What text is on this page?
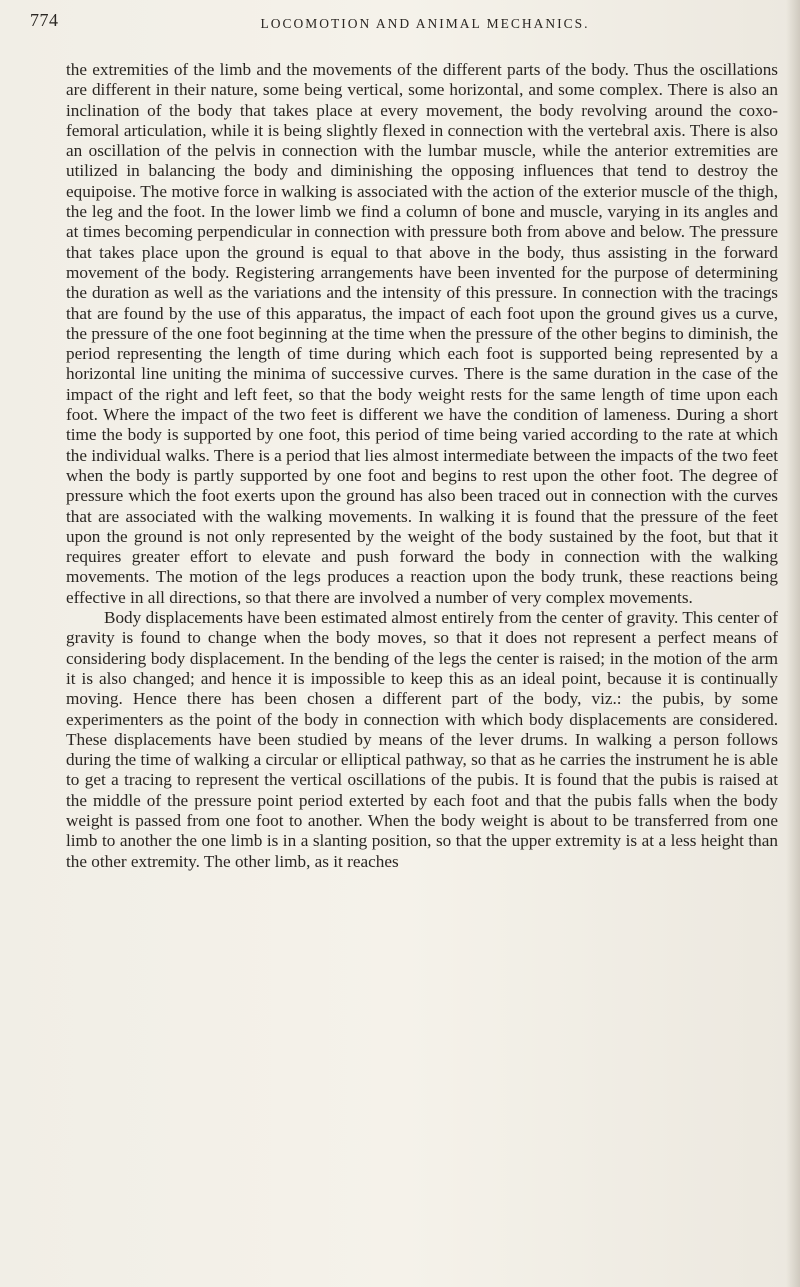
774	LOCOMOTION AND ANIMAL MECHANICS.

the extremities of the limb and the movements of the different parts of the body. Thus the oscillations are different in their nature, some being vertical, some horizontal, and some complex. There is also an inclination of the body that takes place at every movement, the body revolving around the coxo-femoral articulation, while it is being slightly flexed in connection with the vertebral axis. There is also an oscillation of the pelvis in connection with the lumbar muscle, while the anterior extremities are utilized in balancing the body and diminishing the opposing influences that tend to destroy the equipoise. The motive force in walking is associated with the action of the exterior muscle of the thigh, the leg and the foot. In the lower limb we find a column of bone and muscle, varying in its angles and at times becoming perpendicular in connection with pressure both from above and below. The pressure that takes place upon the ground is equal to that above in the body, thus assisting in the forward movement of the body. Registering arrangements have been invented for the purpose of determining the duration as well as the variations and the intensity of this pressure. In connection with the tracings that are found by the use of this apparatus, the impact of each foot upon the ground gives us a curve, the pressure of the one foot beginning at the time when the pressure of the other begins to diminish, the period representing the length of time during which each foot is supported being represented by a horizontal line uniting the minima of successive curves. There is the same duration in the case of the impact of the right and left feet, so that the body weight rests for the same length of time upon each foot. Where the impact of the two feet is different we have the condition of lameness. During a short time the body is supported by one foot, this period of time being varied according to the rate at which the individual walks. There is a period that lies almost intermediate between the impacts of the two feet when the body is partly supported by one foot and begins to rest upon the other foot. The degree of pressure which the foot exerts upon the ground has also been traced out in connection with the curves that are associated with the walking movements. In walking it is found that the pressure of the feet upon the ground is not only represented by the weight of the body sustained by the foot, but that it requires greater effort to elevate and push forward the body in connection with the walking movements. The motion of the legs produces a reaction upon the body trunk, these reactions being effective in all directions, so that there are involved a number of very complex movements.

Body displacements have been estimated almost entirely from the center of gravity. This center of gravity is found to change when the body moves, so that it does not represent a perfect means of considering body displacement. In the bending of the legs the center is raised; in the motion of the arm it is also changed; and hence it is impossible to keep this as an ideal point, because it is continually moving. Hence there has been chosen a different part of the body, viz.: the pubis, by some experimenters as the point of the body in connection with which body displacements are considered. These displacements have been studied by means of the lever drums. In walking a person follows during the time of walking a circular or elliptical pathway, so that as he carries the instrument he is able to get a tracing to represent the vertical oscillations of the pubis. It is found that the pubis is raised at the middle of the pressure point period exterted by each foot and that the pubis falls when the body weight is passed from one foot to another. When the body weight is about to be transferred from one limb to another the one limb is in a slanting position, so that the upper extremity is at a less height than the other extremity. The other limb, as it reaches
